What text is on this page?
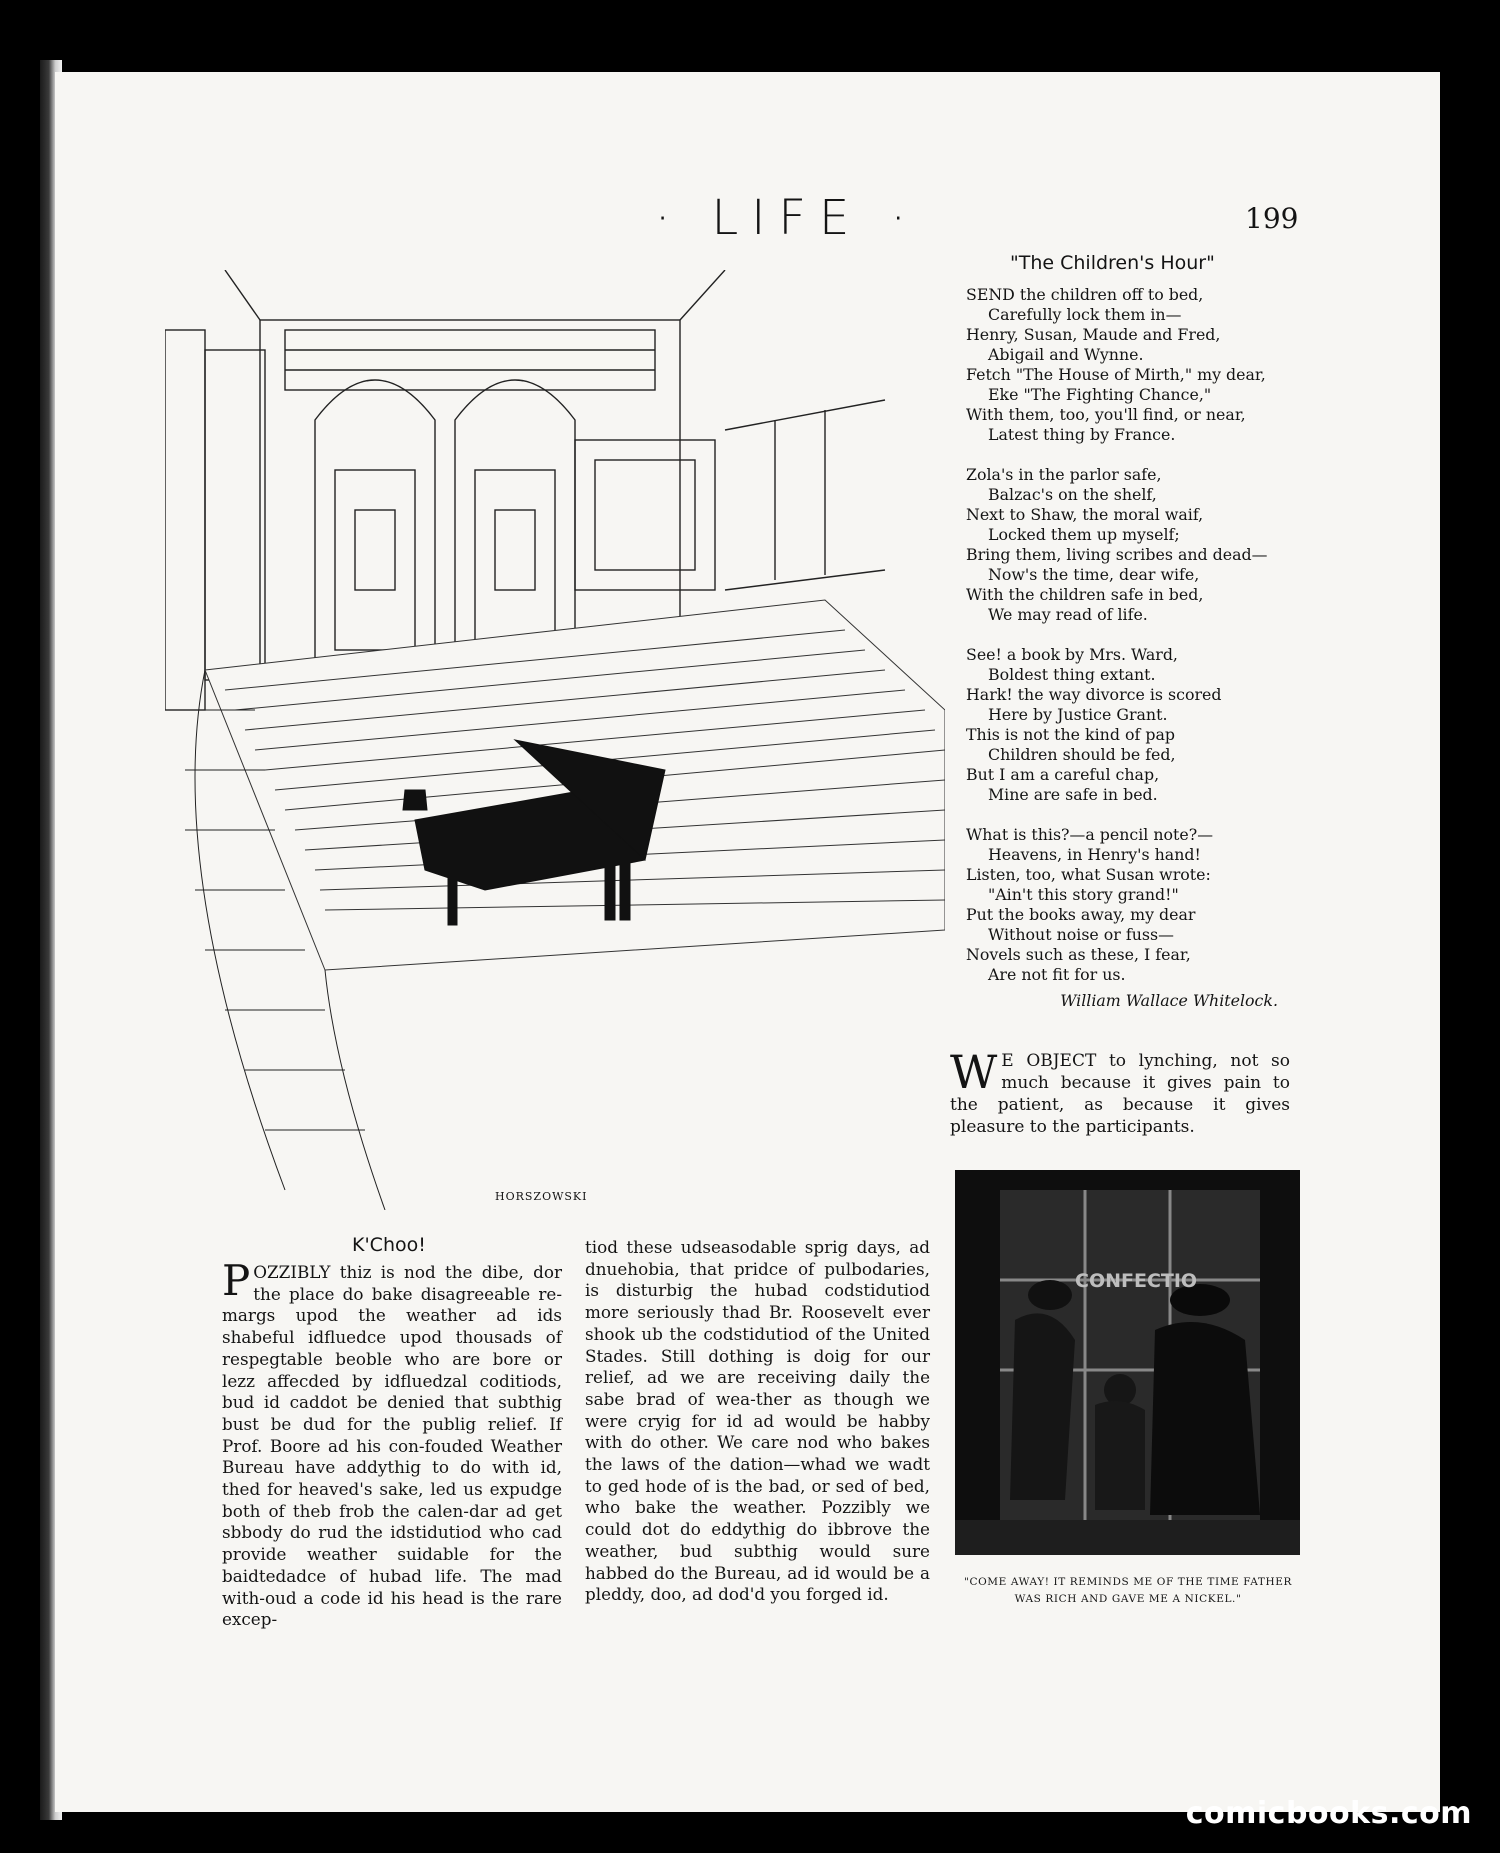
· LIFE ·	199
HORSZOWSKI
"The Children's Hour"
SEND the children off to bed,
Carefully lock them in—
Henry, Susan, Maude and Fred,
Abigail and Wynne.
Fetch "The House of Mirth," my dear,
Eke "The Fighting Chance,"
With them, too, you'll find, or near,
Latest thing by France.
Zola's in the parlor safe,
Balzac's on the shelf,
Next to Shaw, the moral waif,
Locked them up myself;
Bring them, living scribes and dead—
Now's the time, dear wife,
With the children safe in bed,
We may read of life.
See! a book by Mrs. Ward,
Boldest thing extant.
Hark! the way divorce is scored
Here by Justice Grant.
This is not the kind of pap
Children should be fed,
But I am a careful chap,
Mine are safe in bed.
What is this?—a pencil note?—
Heavens, in Henry's hand!
Listen, too, what Susan wrote:
"Ain't this story grand!"
Put the books away, my dear
Without noise or fuss—
Novels such as these, I fear,
Are not fit for us.
William Wallace Whitelock.
W E OBJECT to lynching, not so much because it gives pain to the patient, as because it gives pleasure to the participants.
CONFECTIO
"COME AWAY! IT REMINDS ME OF THE TIME FATHER
WAS RICH AND GAVE ME A NICKEL."
K'Choo!
POZZIBLY thiz is nod the dibe, dor the place do bake disagreeable re-margs upod the weather ad ids shabeful idfluedce upod thousads of respegtable beoble who are bore or lezz affecded by idfluedzal coditiods, bud id caddot be denied that subthig bust be dud for the publig relief. If Prof. Boore ad his con-fouded Weather Bureau have addythig to do with id, thed for heaved's sake, led us expudge both of theb frob the calen-dar ad get sbbody do rud the idstidutiod who cad provide weather suidable for the baidtedadce of hubad life. The mad with-oud a code id his head is the rare excep-
tiod these udseasodable sprig days, ad dnuehobia, that pridce of pulbodaries, is disturbig the hubad codstidutiod more seriously thad Br. Roosevelt ever shook ub the codstidutiod of the United Stades. Still dothing is doig for our relief, ad we are receiving daily the sabe brad of wea-ther as though we were cryig for id ad would be habby with do other. We care nod who bakes the laws of the dation—whad we wadt to ged hode of is the bad, or sed of bed, who bake the weather. Pozzibly we could dot do eddythig do ibbrove the weather, bud subthig would sure habbed do the Bureau, ad id would be a pleddy, doo, ad dod'd you forged id.
comicbooks.com
